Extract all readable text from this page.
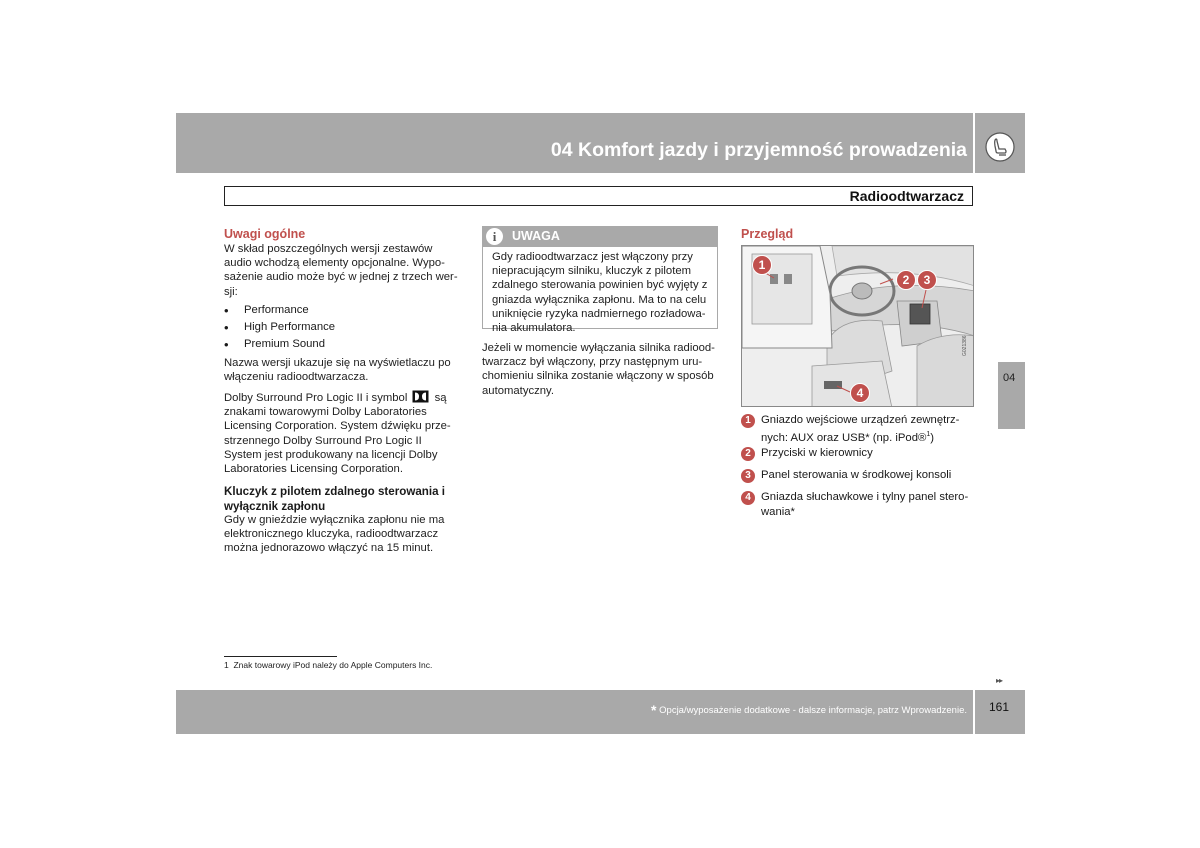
04 Komfort jazdy i przyjemność prowadzenia
Radioodtwarzacz
Uwagi ogólne
W skład poszczególnych wersji zestawów
audio wchodzą elementy opcjonalne. Wypo-
sażenie audio może być w jednej z trzech wer-
sji:
• Performance
• High Performance
• Premium Sound
Nazwa wersji ukazuje się na wyświetlaczu po
włączeniu radioodtwarzacza.
Dolby Surround Pro Logic II i symbol są
znakami towarowymi Dolby Laboratories
Licensing Corporation. System dźwięku prze-
strzennego Dolby Surround Pro Logic II
System jest produkowany na licencji Dolby
Laboratories Licensing Corporation.
Kluczyk z pilotem zdalnego sterowania i
wyłącznik zapłonu
Gdy w gnieździe wyłącznika zapłonu nie ma
elektronicznego kluczyka, radioodtwarzacz
można jednorazowo włączyć na 15 minut.
i	UWAGA
Gdy radioodtwarzacz jest włączony przy
niepracującym silniku, kluczyk z pilotem
zdalnego sterowania powinien być wyjęty z
gniazda wyłącznika zapłonu. Ma to na celu
uniknięcie ryzyka nadmiernego rozładowa-
nia akumulatora.
Jeżeli w momencie wyłączania silnika radiood-
twarzacz był włączony, przy następnym uru-
chomieniu silnika zostanie włączony w sposób
automatyczny.
Przegląd
G021386
1
2	3
4
1 Gniazdo wejściowe urządzeń zewnętrz-
nych: AUX oraz USB* (np. iPod®$^1$)
2 Przyciski w kierownicy
3 Panel sterowania w środkowej konsoli
4 Gniazda słuchawkowe i tylny panel stero-
wania*
04
1 Znak towarowy iPod należy do Apple Computers Inc.
▸▸
* Opcja/wyposażenie dodatkowe - dalsze informacje, patrz Wprowadzenie. 161
